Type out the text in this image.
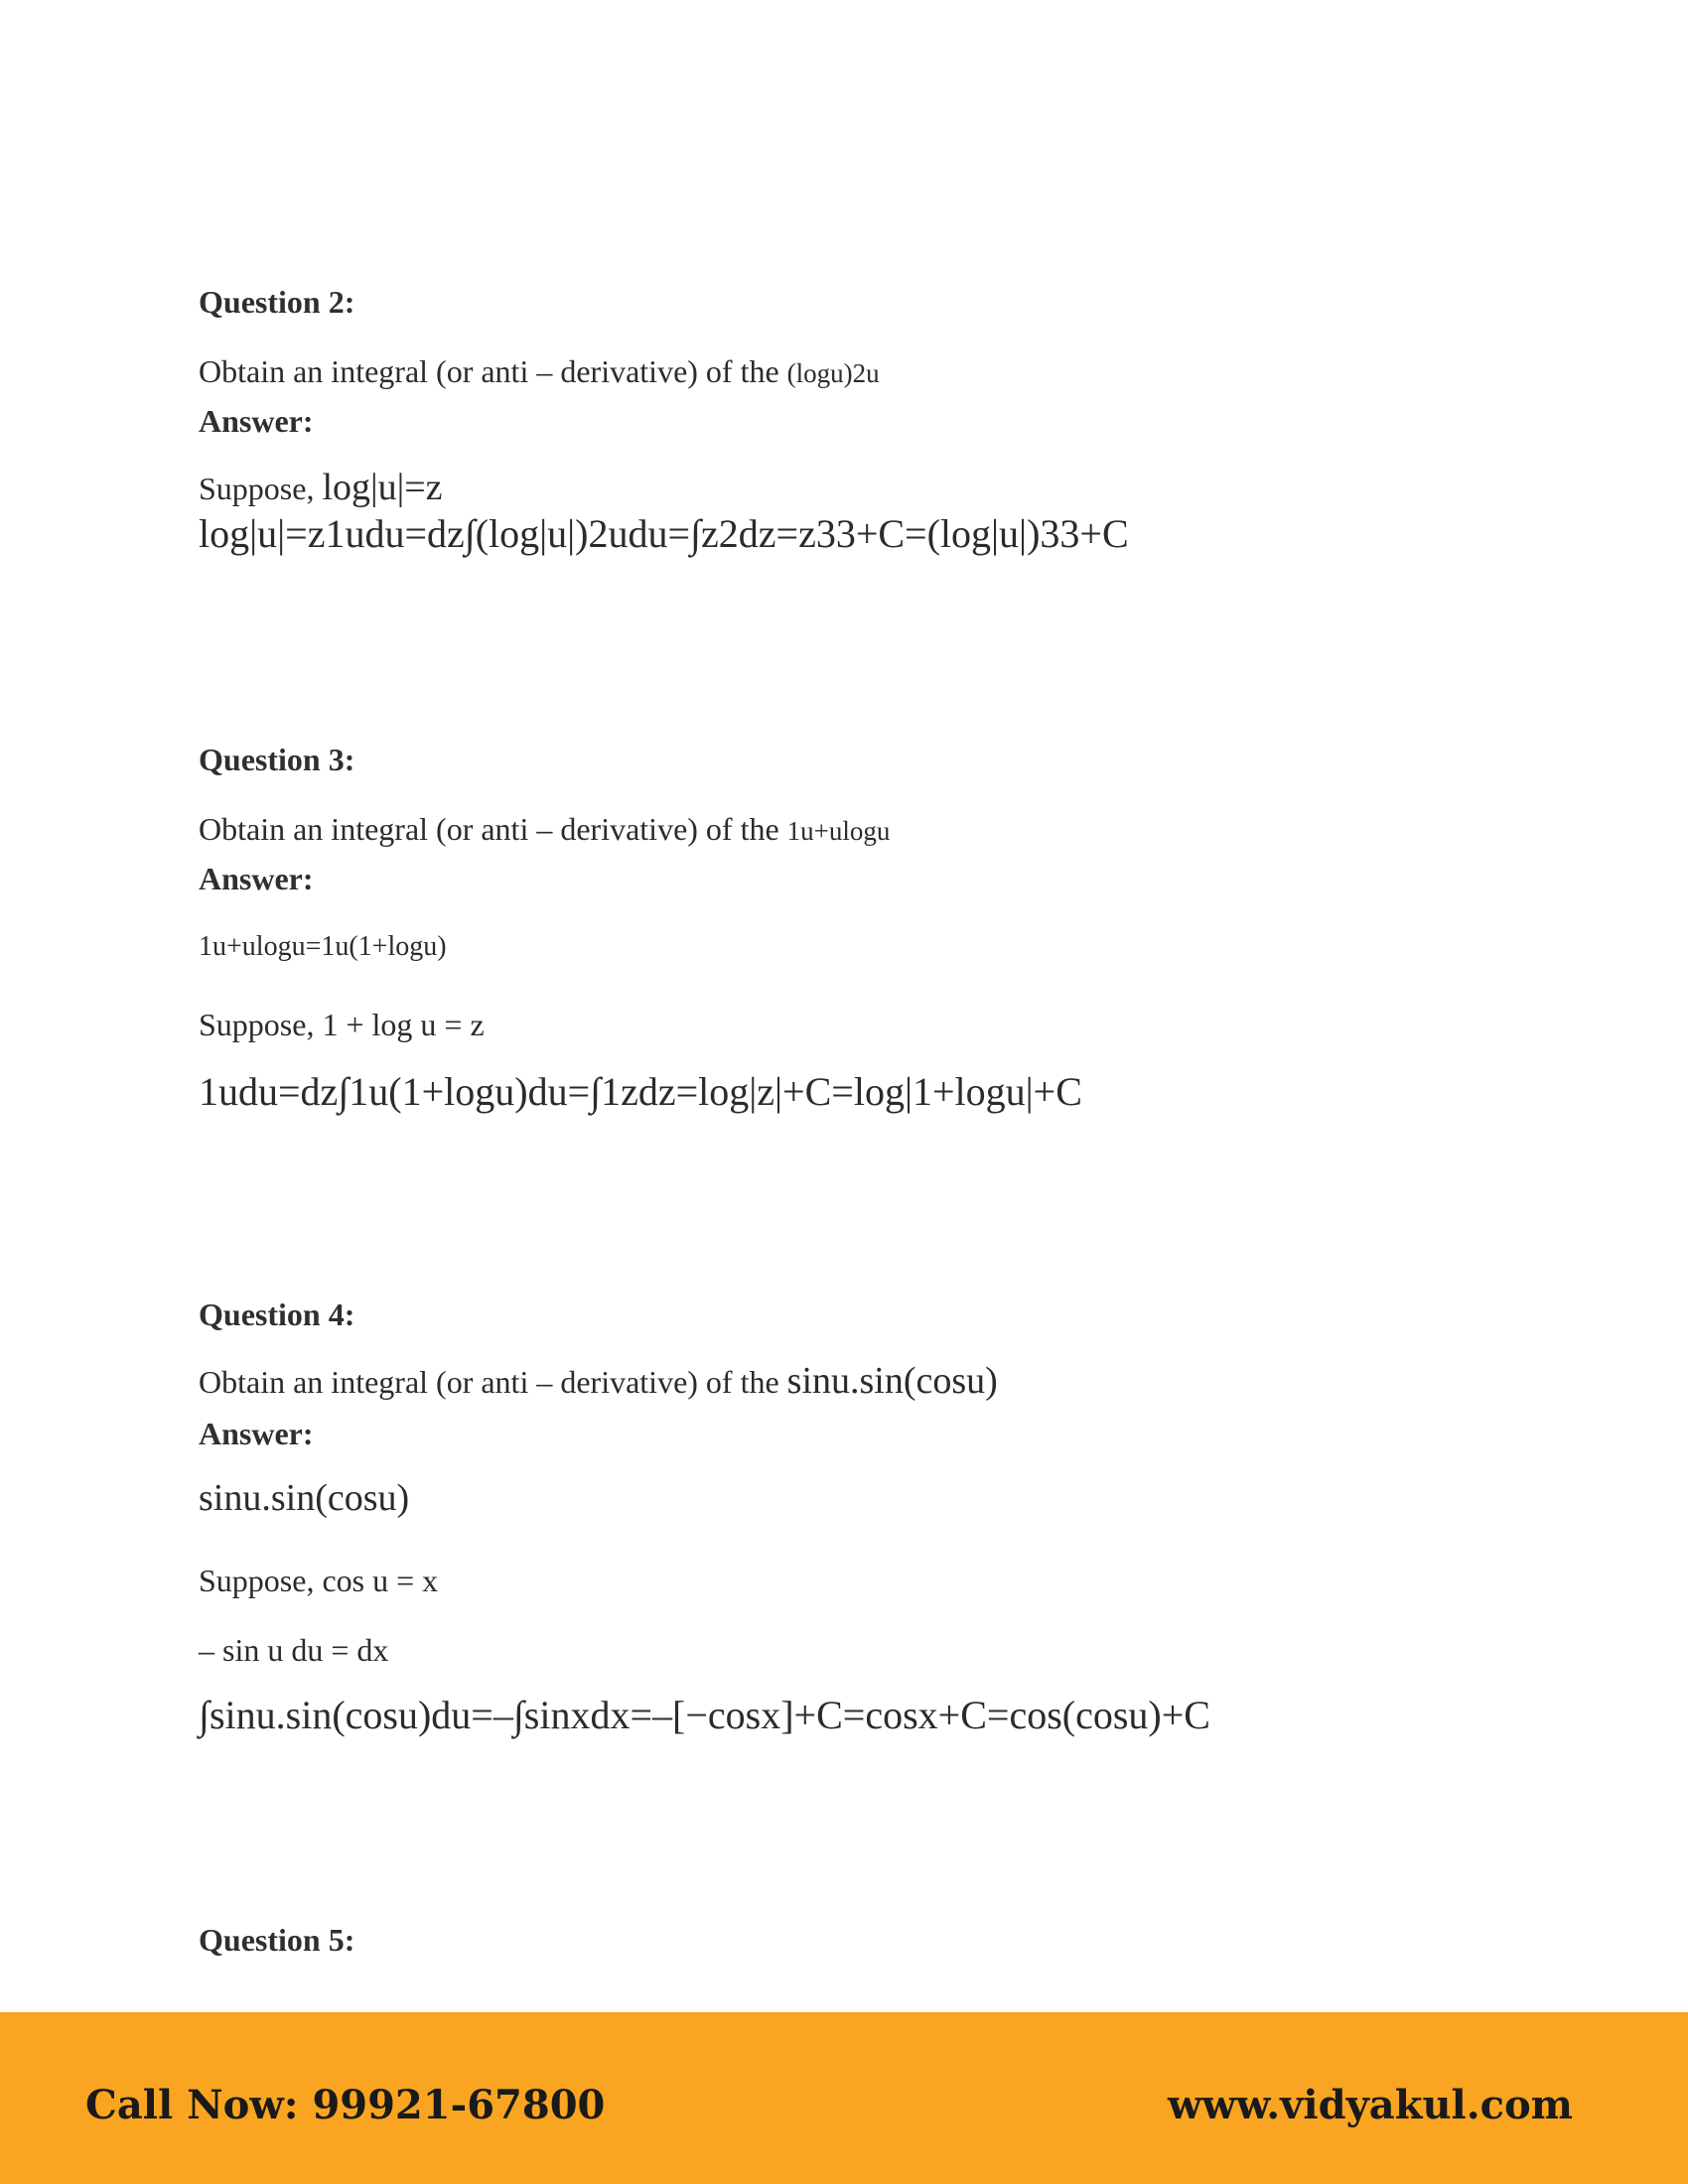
Question 2:
Obtain an integral (or anti – derivative) of the (logu)2u
Answer:
Suppose, log|u|=z
log|u|=z1udu=dz∫(log|u|)2udu=∫z2dz=z33+C=(log|u|)33+C
Question 3:
Obtain an integral (or anti – derivative) of the 1u+ulogu
Answer:
1u+ulogu=1u(1+logu)
Suppose, 1 + log u = z
1udu=dz∫1u(1+logu)du=∫1zdz=log|z|+C=log|1+logu|+C
Question 4:
Obtain an integral (or anti – derivative) of the sinu.sin(cosu)
Answer:
sinu.sin(cosu)
Suppose, cos u = x
– sin u du = dx
∫sinu.sin(cosu)du=–∫sinxdx=–[−cosx]+C=cosx+C=cos(cosu)+C
Question 5:
Call Now: 99921-67800	www.vidyakul.com
